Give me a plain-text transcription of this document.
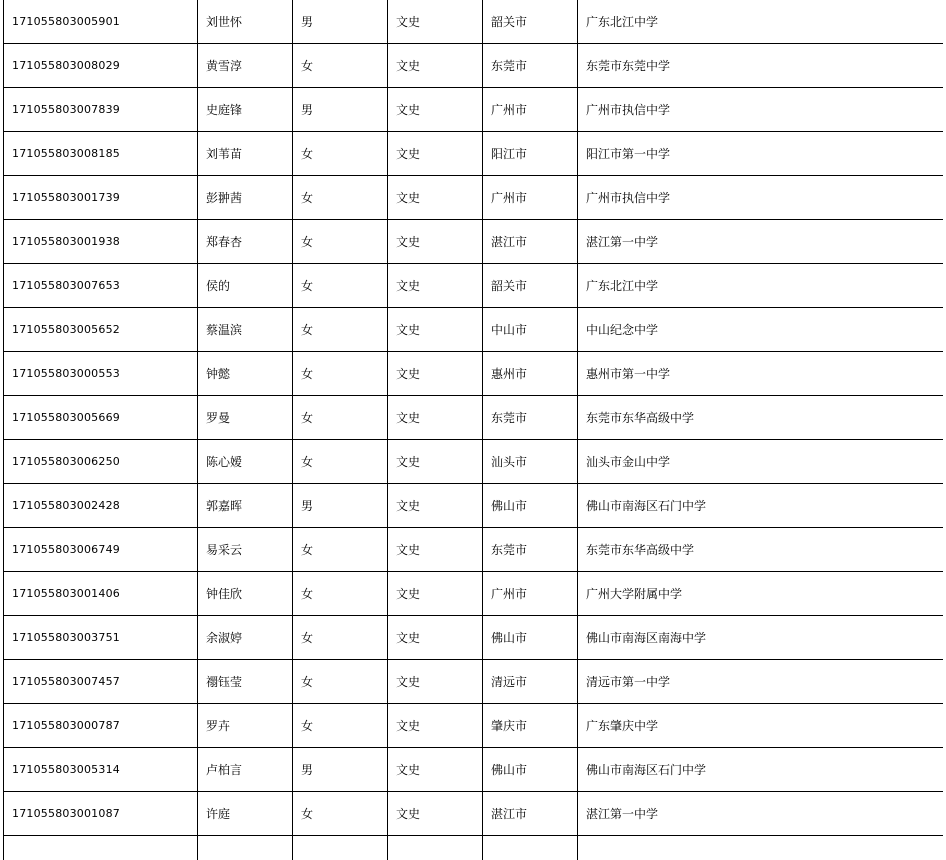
171055803005901	刘世怀	男	文史	韶关市	广东北江中学
171055803008029	黄雪淳	女	文史	东莞市	东莞市东莞中学
171055803007839	史庭锋	男	文史	广州市	广州市执信中学
171055803008185	刘苇苗	女	文史	阳江市	阳江市第一中学
171055803001739	彭翀茜	女	文史	广州市	广州市执信中学
171055803001938	郑春杏	女	文史	湛江市	湛江第一中学
171055803007653	侯的	女	文史	韶关市	广东北江中学
171055803005652	蔡温滨	女	文史	中山市	中山纪念中学
171055803000553	钟懿	女	文史	惠州市	惠州市第一中学
171055803005669	罗曼	女	文史	东莞市	东莞市东华高级中学
171055803006250	陈心嫒	女	文史	汕头市	汕头市金山中学
171055803002428	郭嘉晖	男	文史	佛山市	佛山市南海区石门中学
171055803006749	易采云	女	文史	东莞市	东莞市东华高级中学
171055803001406	钟佳欣	女	文史	广州市	广州大学附属中学
171055803003751	余淑婷	女	文史	佛山市	佛山市南海区南海中学
171055803007457	禤钰莹	女	文史	清远市	清远市第一中学
171055803000787	罗卉	女	文史	肇庆市	广东肇庆中学
171055803005314	卢柏言	男	文史	佛山市	佛山市南海区石门中学
171055803001087	许庭	女	文史	湛江市	湛江第一中学
